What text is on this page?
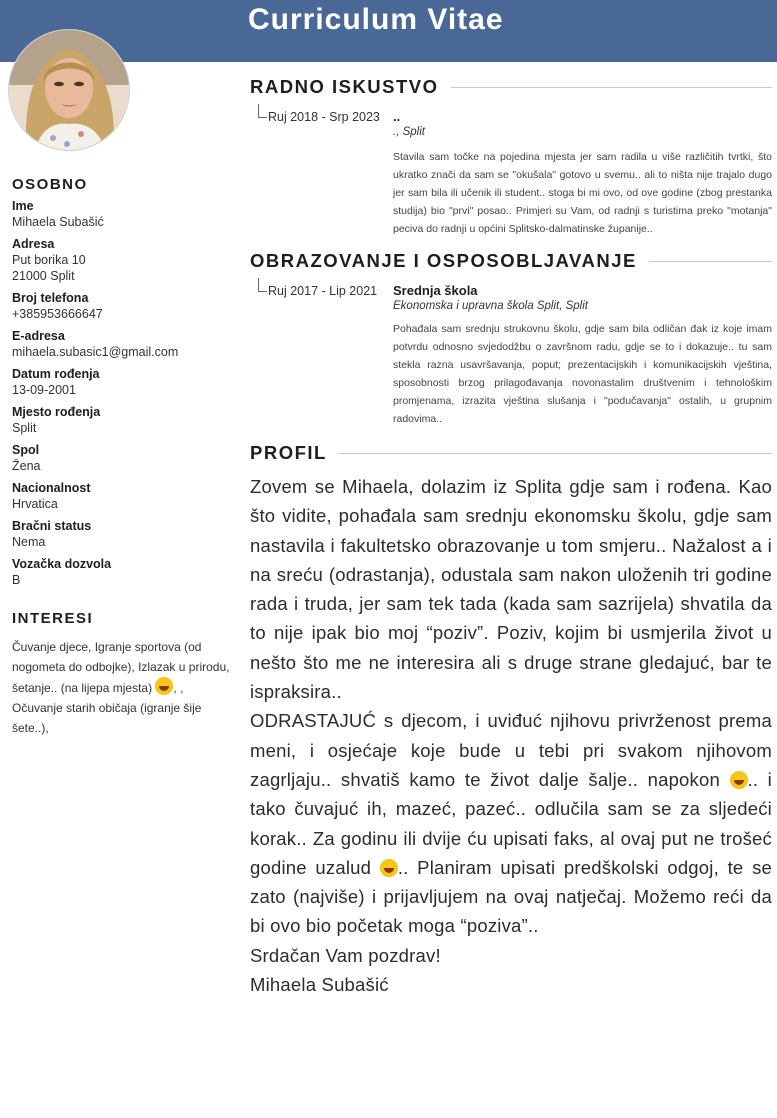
Curriculum Vitae
OSOBNO
Ime
Mihaela Subašić
Adresa
Put borika 10
21000 Split
Broj telefona
+385953666647
E-adresa
mihaela.subasic1@gmail.com
Datum rođenja
13-09-2001
Mjesto rođenja
Split
Spol
Žena
Nacionalnost
Hrvatica
Bračni status
Nema
Vozačka dozvola
B
INTERESI
Čuvanje djece, Igranje sportova (od nogometa do odbojke), Izlazak u prirodu, šetanje.. (na lijepa mjesta) , , Očuvanje starih običaja (igranje šije šete..),
RADNO ISKUSTVO
Ruj 2018 - Srp 2023	..
., Split
Stavila sam točke na pojedina mjesta jer sam radila u više različitih tvrtki, što ukratko znači da sam se "okušala" gotovo u svemu.. ali to ništa nije trajalo dugo jer sam bila ili učenik ili student.. stoga bi mi ovo, od ove godine (zbog prestanka studija) bio "prvi" posao.. Primjeri su Vam, od radnji s turistima preko "motanja" peciva do radnji u općini Splitsko-dalmatinske županije..
OBRAZOVANJE I OSPOSOBLJAVANJE
Ruj 2017 - Lip 2021	Srednja škola
Ekonomska i upravna škola Split, Split
Pohađala sam srednju strukovnu školu, gdje sam bila odličan đak iz koje imam potvrdu odnosno svjedodžbu o završnom radu, gdje se to i dokazuje.. tu sam stekla razna usavršavanja, poput; prezentacijskih i komunikacijskih vještina, sposobnosti brzog prilagođavanja novonastalim društvenim i tehnološkim promjenama, izrazita vještina slušanja i "podučavanja" ostalih, u grupnim radovima..
PROFIL
Zovem se Mihaela, dolazim iz Splita gdje sam i rođena. Kao što vidite, pohađala sam srednju ekonomsku školu, gdje sam nastavila i fakultetsko obrazovanje u tom smjeru.. Nažalost a i na sreću (odrastanja), odustala sam nakon uloženih tri godine rada i truda, jer sam tek tada (kada sam sazrijela) shvatila da to nije ipak bio moj “poziv”. Poziv, kojim bi usmjerila život u nešto što me ne interesira ali s druge strane gledajuć, bar te ispraksira..
ODRASTAJUĆ s djecom, i uviđuć njihovu privrženost prema meni, i osjećaje koje bude u tebi pri svakom njihovom zagrljaju.. shvatiš kamo te život dalje šalje.. napokon .. i tako čuvajuć ih, mazeć, pazeć.. odlučila sam se za sljedeći korak.. Za godinu ili dvije ću upisati faks, al ovaj put ne trošeć godine uzalud .. Planiram upisati predškolski odgoj, te se zato (najviše) i prijavljujem na ovaj natječaj. Možemo reći da bi ovo bio početak moga “poziva”..
Srdačan Vam pozdrav!
Mihaela Subašić
